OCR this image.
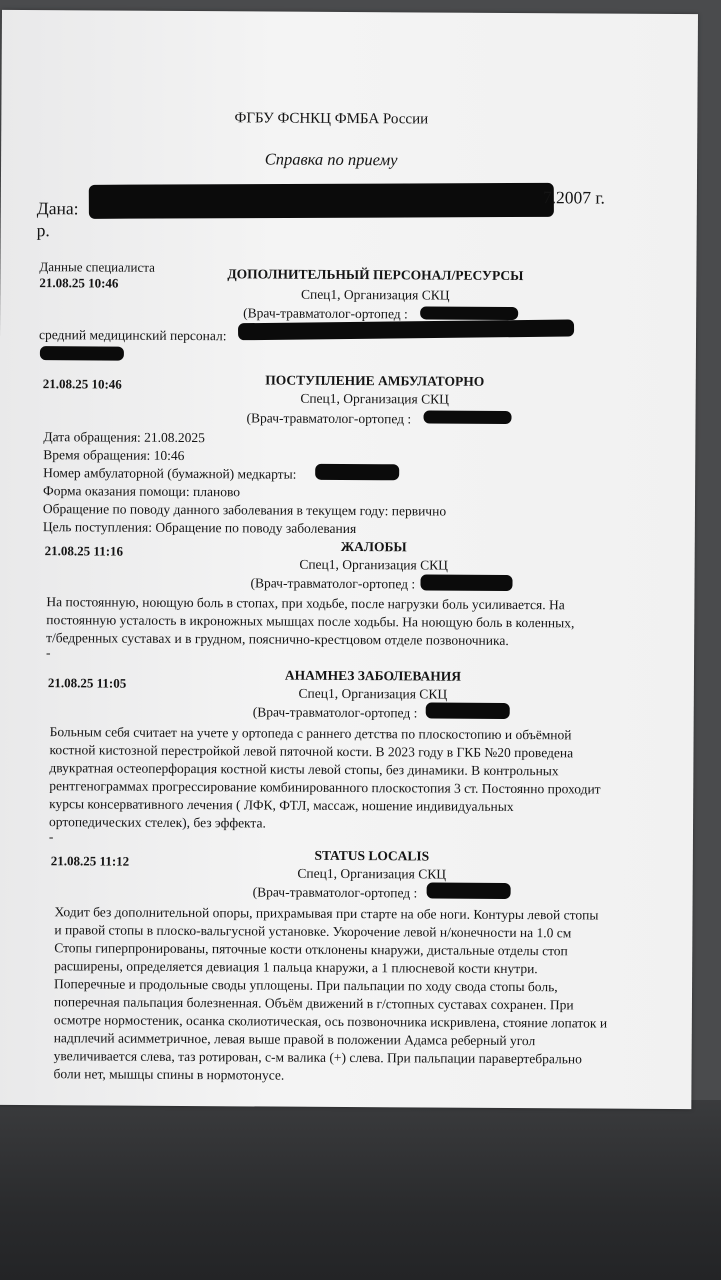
ФГБУ ФСНКЦ ФМБА России
Справка по приему
Дана:
7.2007 г.
р.
Данные специалиста
21.08.25 10:46	ДОПОЛНИТЕЛЬНЫЙ ПЕРСОНАЛ/РЕСУРСЫ
Спец1, Организация СКЦ
(Врач-травматолог-ортопед :
средний медицинский персонал:
21.08.25 10:46	ПОСТУПЛЕНИЕ АМБУЛАТОРНО
Спец1, Организация СКЦ
(Врач-травматолог-ортопед :
Дата обращения: 21.08.2025
Время обращения: 10:46
Номер амбулаторной (бумажной) медкарты:
Форма оказания помощи: планово
Обращение по поводу данного заболевания в текущем году: первично
Цель поступления: Обращение по поводу заболевания
21.08.25 11:16	ЖАЛОБЫ
Спец1, Организация СКЦ
(Врач-травматолог-ортопед :
На постоянную, ноющую боль в стопах, при ходьбе, после нагрузки боль усиливается. На
постоянную усталость в икроножных мышцах после ходьбы. На ноющую боль в коленных,
т/бедренных суставах и в грудном, пояснично-крестцовом отделе позвоночника.
-
21.08.25 11:05	АНАМНЕЗ ЗАБОЛЕВАНИЯ
Спец1, Организация СКЦ
(Врач-травматолог-ортопед :
Больным себя считает на учете у ортопеда с раннего детства по плоскостопию и объёмной
костной кистозной перестройкой левой пяточной кости. В 2023 году в ГКБ №20 проведена
двукратная остеоперфорация костной кисты левой стопы, без динамики. В контрольных
рентгенограммах прогрессирование комбинированного плоскостопия 3 ст. Постоянно проходит
курсы консервативного лечения ( ЛФК, ФТЛ, массаж, ношение индивидуальных
ортопедических стелек), без эффекта.
-
21.08.25 11:12	STATUS LOCALIS
Спец1, Организация СКЦ
(Врач-травматолог-ортопед :
Ходит без дополнительной опоры, прихрамывая при старте на обе ноги. Контуры левой стопы
и правой стопы в плоско-вальгусной установке. Укорочение левой н/конечности на 1.0 см
Стопы гиперпронированы, пяточные кости отклонены кнаружи, дистальные отделы стоп
расширены, определяется девиация 1 пальца кнаружи, а 1 плюсневой кости кнутри.
Поперечные и продольные своды уплощены. При пальпации по ходу свода стопы боль,
поперечная пальпация болезненная. Объём движений в г/стопных суставах сохранен. При
осмотре нормостеник, осанка сколиотическая, ось позвоночника искривлена, стояние лопаток и
надплечий асимметричное, левая выше правой в положении Адамса реберный угол
увеличивается слева, таз ротирован, с-м валика (+) слева. При пальпации паравертебрально
боли нет, мышцы спины в нормотонусе.
